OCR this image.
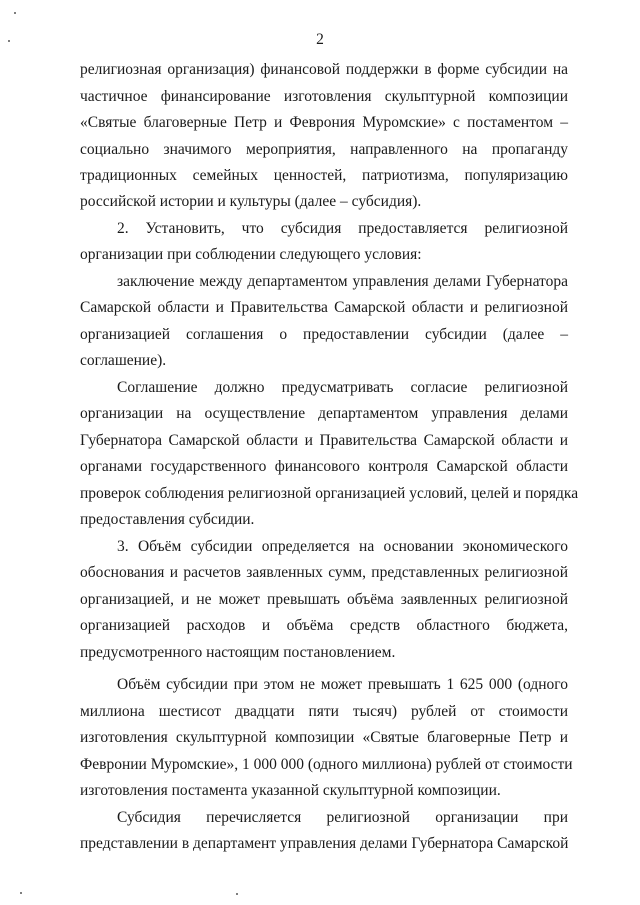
2
религиозная организация) финансовой поддержки в форме субсидии на
частичное финансирование изготовления скульптурной композиции
«Святые благоверные Петр и Феврония Муромские» с постаментом –
социально значимого мероприятия, направленного на пропаганду
традиционных семейных ценностей, патриотизма, популяризацию
российской истории и культуры (далее – субсидия).
2. Установить, что субсидия предоставляется религиозной
организации при соблюдении следующего условия:
заключение между департаментом управления делами Губернатора
Самарской области и Правительства Самарской области и религиозной
организацией соглашения о предоставлении субсидии (далее –
соглашение).
Соглашение должно предусматривать согласие религиозной
организации на осуществление департаментом управления делами
Губернатора Самарской области и Правительства Самарской области и
органами государственного финансового контроля Самарской области
проверок соблюдения религиозной организацией условий, целей и порядка
предоставления субсидии.
3. Объём субсидии определяется на основании экономического
обоснования и расчетов заявленных сумм, представленных религиозной
организацией, и не может превышать объёма заявленных религиозной
организацией расходов и объёма средств областного бюджета,
предусмотренного настоящим постановлением.
Объём субсидии при этом не может превышать 1 625 000 (одного
миллиона шестисот двадцати пяти тысяч) рублей от стоимости
изготовления скульптурной композиции «Святые благоверные Петр и
Февронии Муромские», 1 000 000 (одного миллиона) рублей от стоимости
изготовления постамента указанной скульптурной композиции.
Субсидия перечисляется религиозной организации при
представлении в департамент управления делами Губернатора Самарской
